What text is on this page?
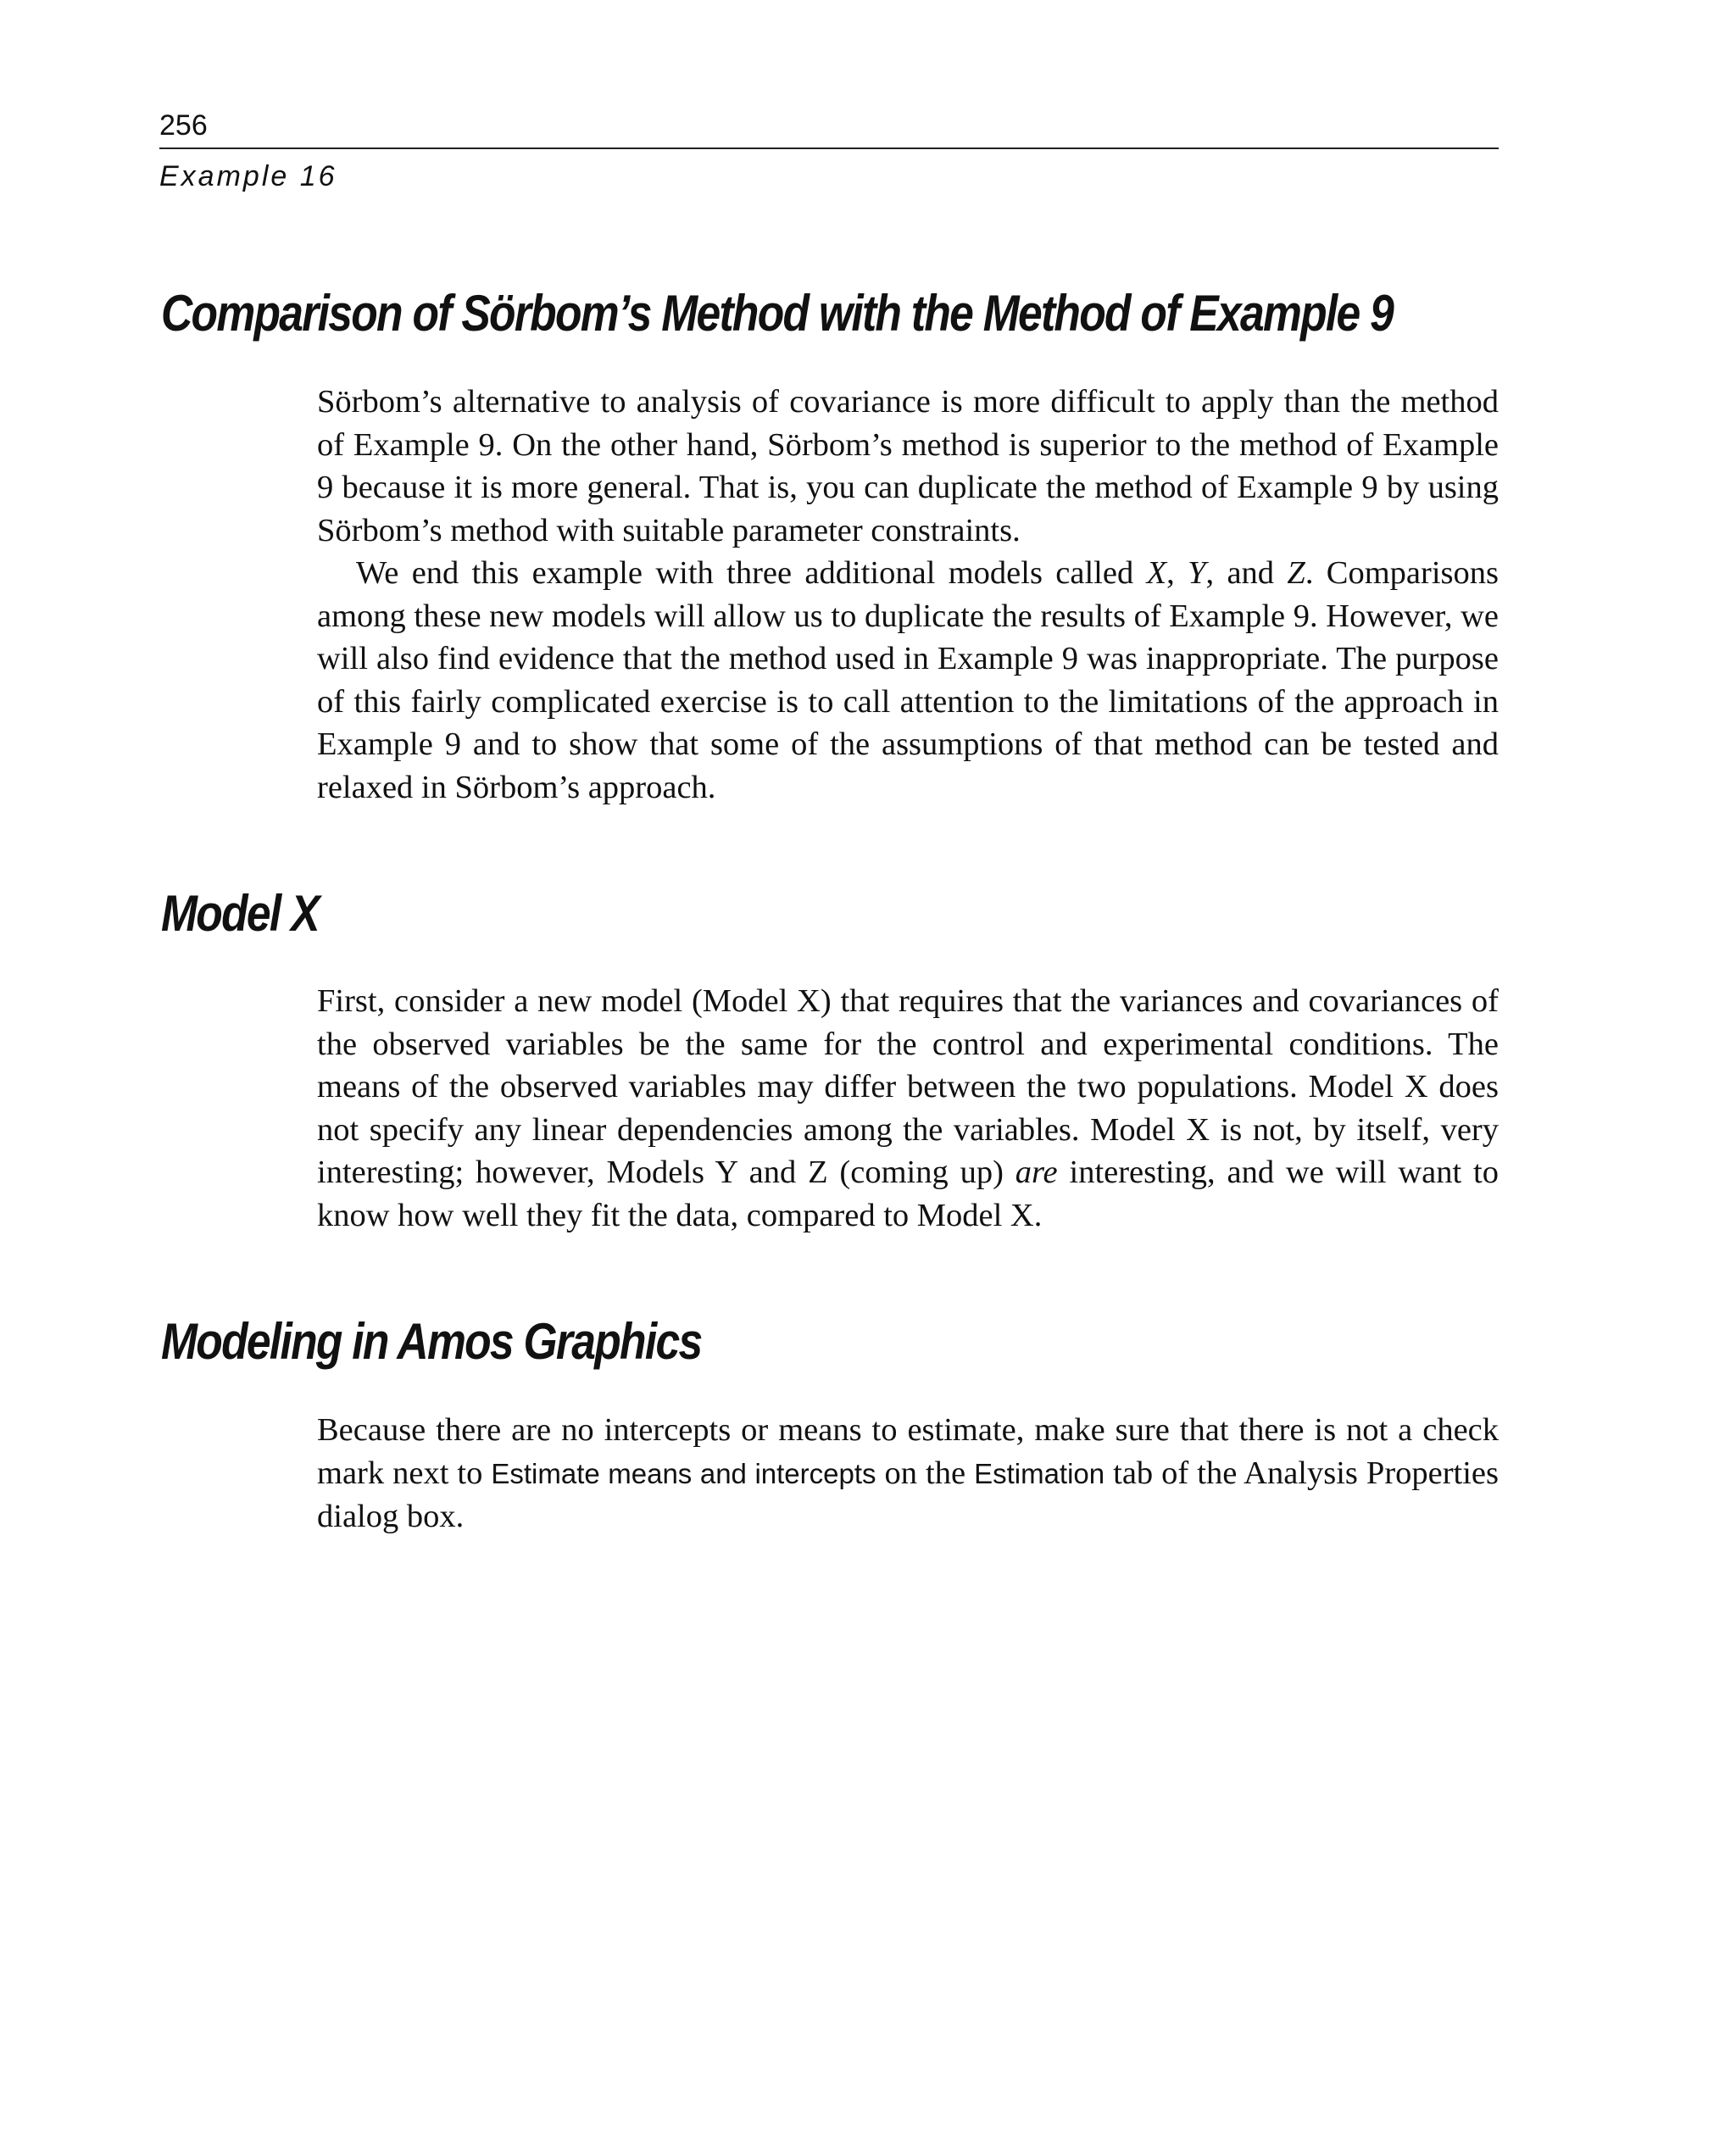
256
Example 16
Comparison of Sörbom’s Method with the Method of Example 9

Sörbom’s alternative to analysis of covariance is more difficult to apply than the method of Example 9. On the other hand, Sörbom’s method is superior to the method of Example 9 because it is more general. That is, you can duplicate the method of Example 9 by using Sörbom’s method with suitable parameter constraints.

We end this example with three additional models called X, Y, and Z. Comparisons among these new models will allow us to duplicate the results of Example 9. However, we will also find evidence that the method used in Example 9 was inappropriate. The purpose of this fairly complicated exercise is to call attention to the limitations of the approach in Example 9 and to show that some of the assumptions of that method can be tested and relaxed in Sörbom’s approach.

Model X

First, consider a new model (Model X) that requires that the variances and covariances of the observed variables be the same for the control and experimental conditions. The means of the observed variables may differ between the two populations. Model X does not specify any linear dependencies among the variables. Model X is not, by itself, very interesting; however, Models Y and Z (coming up) are interesting, and we will want to know how well they fit the data, compared to Model X.

Modeling in Amos Graphics

Because there are no intercepts or means to estimate, make sure that there is not a check mark next to Estimate means and intercepts on the Estimation tab of the Analysis Properties dialog box.
